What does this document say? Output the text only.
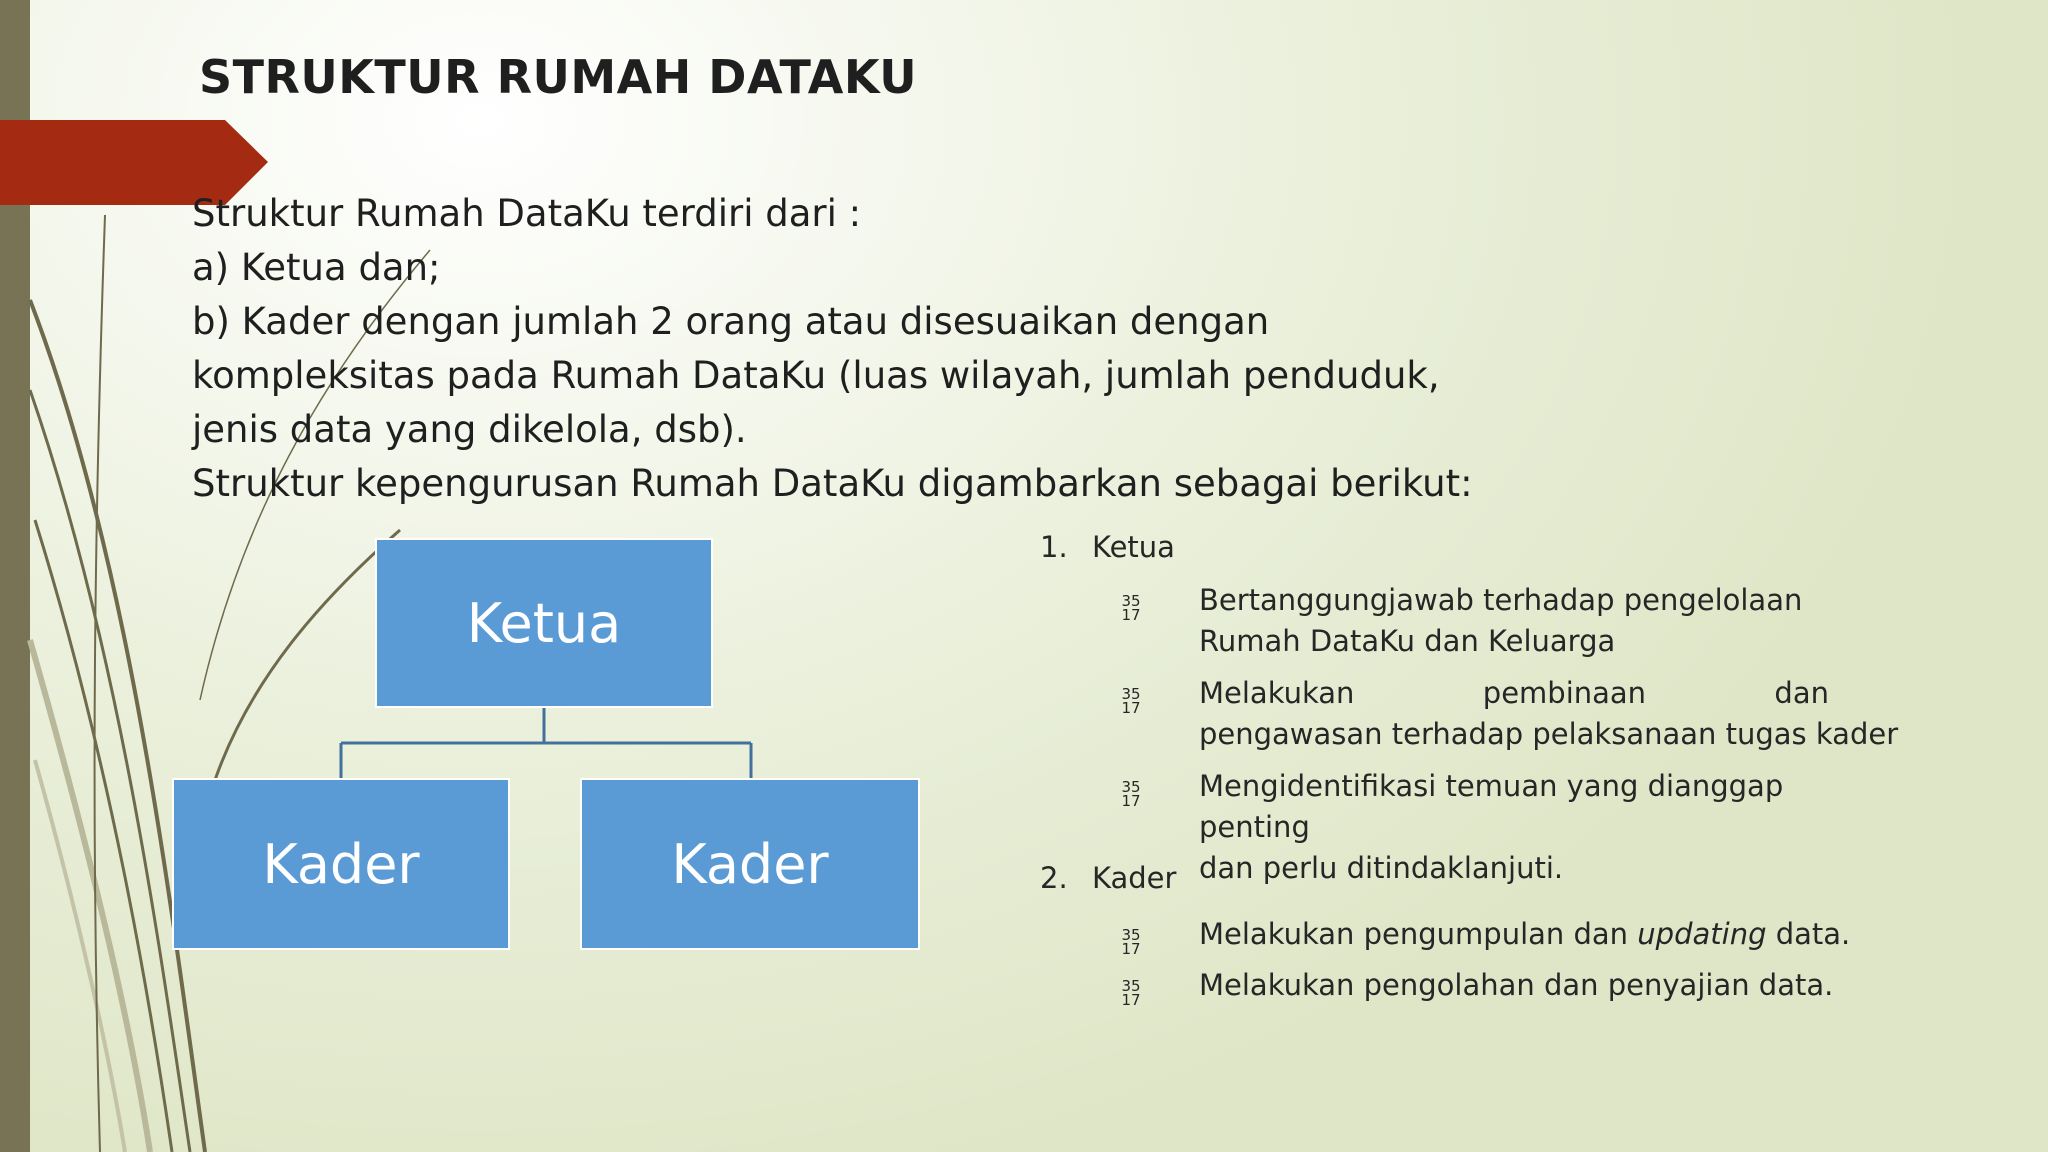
STRUKTUR RUMAH DATAKU
Struktur Rumah DataKu terdiri dari :
a) Ketua dan;
b) Kader dengan jumlah 2 orang atau disesuaikan dengan
kompleksitas pada Rumah DataKu (luas wilayah, jumlah penduduk,
jenis data yang dikelola, dsb).
Struktur kepengurusan Rumah DataKu digambarkan sebagai berikut:
Ketua
Kader	Kader
1. Ketua
35
17 Bertanggungjawab terhadap pengelolaan
Rumah DataKu dan Keluarga
35
17 Melakukan	pembinaan	dan
pengawasan terhadap pelaksanaan tugas kader
35
17 Mengidentifikasi temuan yang dianggap penting
dan perlu ditindaklanjuti.
2. Kader
35
17 Melakukan pengumpulan dan updating data.
35
17 Melakukan pengolahan dan penyajian data.
